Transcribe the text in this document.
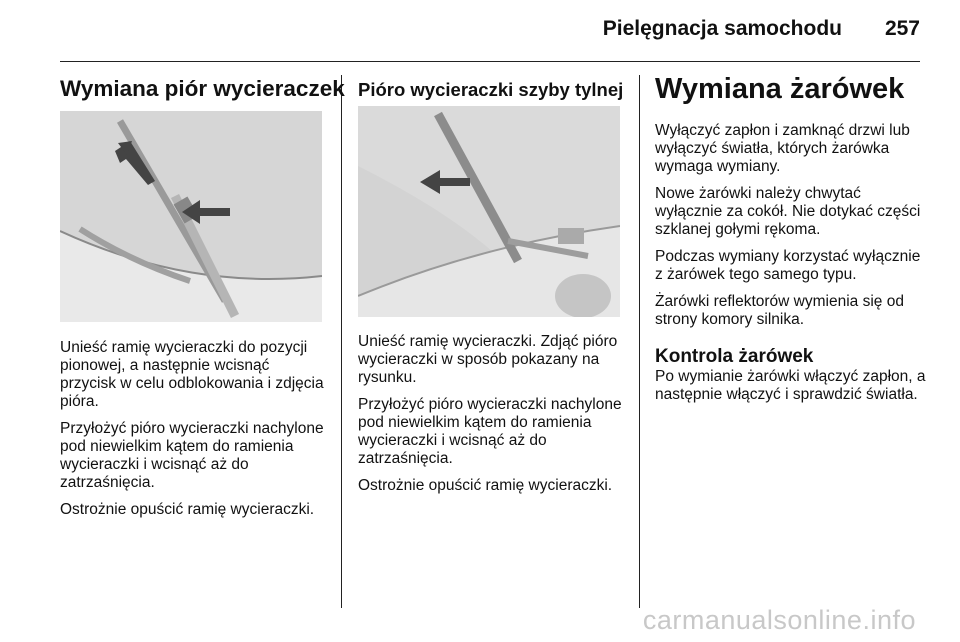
Pielęgnacja samochodu 257
Wymiana piór wycieraczek

Unieść ramię wycieraczki do pozycji pionowej, a następnie wcisnąć przycisk w celu odblokowania i zdjęcia pióra.

Przyłożyć pióro wycieraczki nachylone pod niewielkim kątem do ramienia wycieraczki i wcisnąć aż do zatrzaśnięcia.

Ostrożnie opuścić ramię wycieraczki.

Pióro wycieraczki szyby tylnej

Unieść ramię wycieraczki. Zdjąć pióro wycieraczki w sposób pokazany na rysunku.

Przyłożyć pióro wycieraczki nachylone pod niewielkim kątem do ramienia wycieraczki i wcisnąć aż do zatrzaśnięcia.

Ostrożnie opuścić ramię wycieraczki.

Wymiana żarówek

Wyłączyć zapłon i zamknąć drzwi lub wyłączyć światła, których żarówka wymaga wymiany.

Nowe żarówki należy chwytać wyłącznie za cokół. Nie dotykać części szklanej gołymi rękoma.

Podczas wymiany korzystać wyłącznie z żarówek tego samego typu.

Żarówki reflektorów wymienia się od strony komory silnika.

Kontrola żarówek

Po wymianie żarówki włączyć zapłon, a następnie włączyć i sprawdzić światła.

carmanualsonline.info
